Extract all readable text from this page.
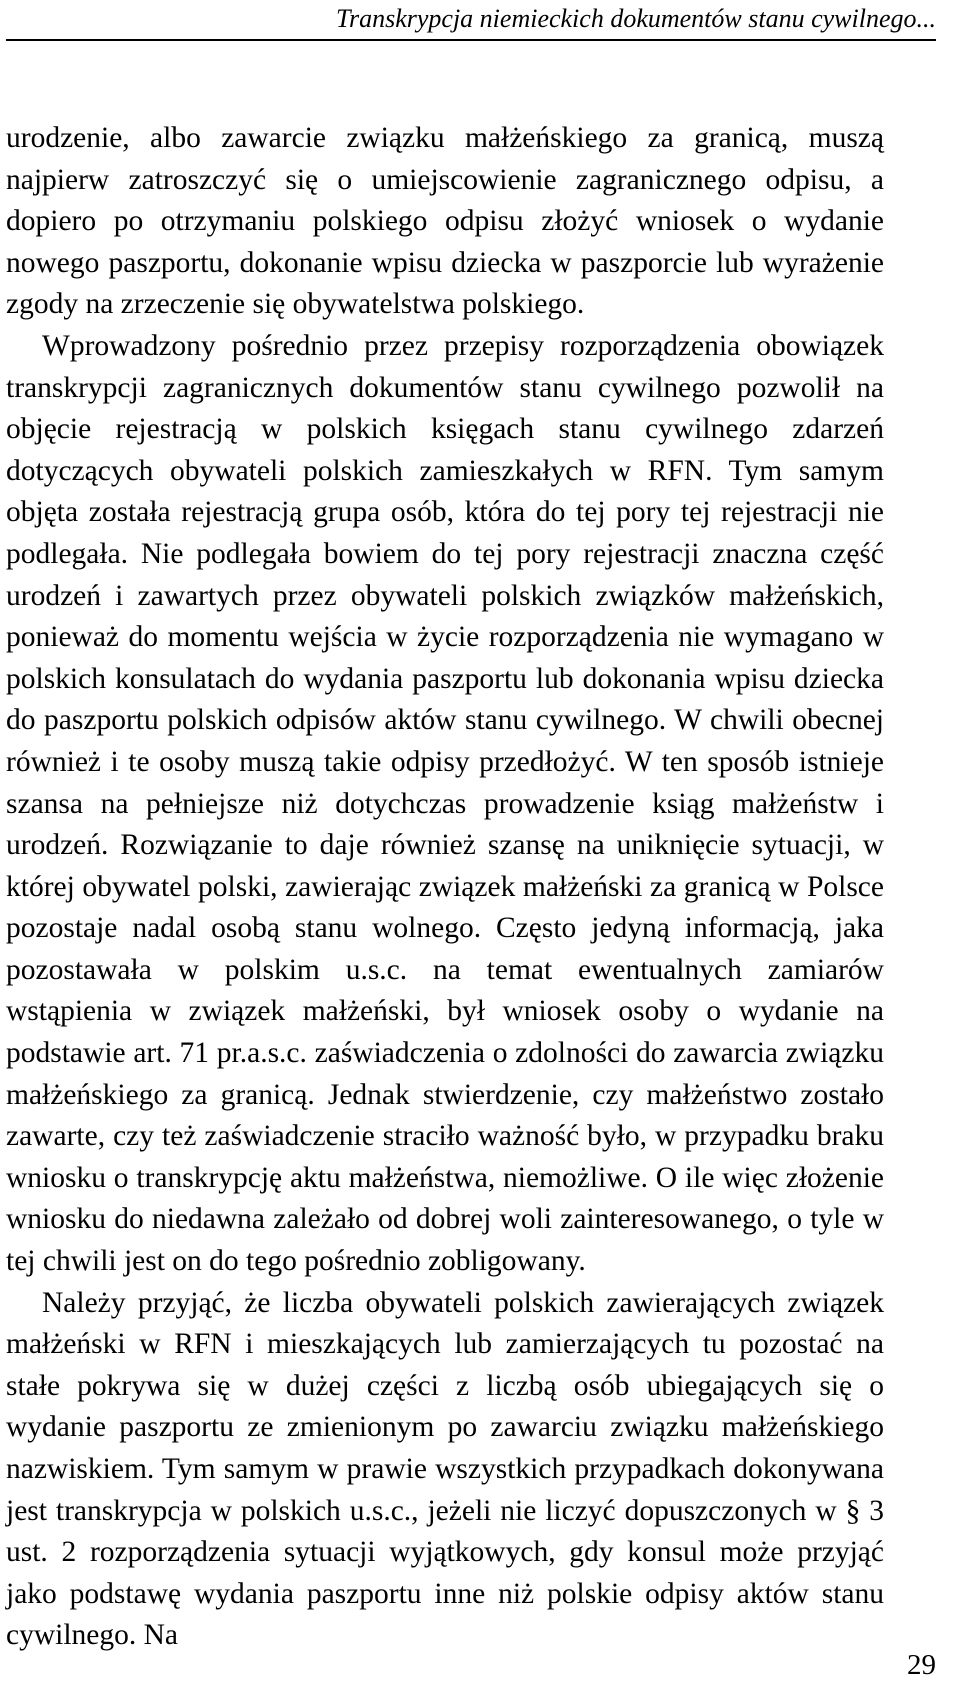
Transkrypcja niemieckich dokumentów stanu cywilnego...

urodzenie, albo zawarcie związku małżeńskiego za granicą, muszą najpierw zatroszczyć się o umiejscowienie zagranicznego odpisu, a dopiero po otrzymaniu polskiego odpisu złożyć wniosek o wydanie nowego paszportu, dokonanie wpisu dziecka w paszporcie lub wyrażenie zgody na zrzeczenie się obywatelstwa polskiego.

Wprowadzony pośrednio przez przepisy rozporządzenia obowiązek transkrypcji zagranicznych dokumentów stanu cywilnego pozwolił na objęcie rejestracją w polskich księgach stanu cywilnego zdarzeń dotyczących obywateli polskich zamieszkałych w RFN. Tym samym objęta została rejestracją grupa osób, która do tej pory tej rejestracji nie podlegała. Nie podlegała bowiem do tej pory rejestracji znaczna część urodzeń i zawartych przez obywateli polskich związków małżeńskich, ponieważ do momentu wejścia w życie rozporządzenia nie wymagano w polskich konsulatach do wydania paszportu lub dokonania wpisu dziecka do paszportu polskich odpisów aktów stanu cywilnego. W chwili obecnej również i te osoby muszą takie odpisy przedłożyć. W ten sposób istnieje szansa na pełniejsze niż dotychczas prowadzenie ksiąg małżeństw i urodzeń. Rozwiązanie to daje również szansę na uniknięcie sytuacji, w której obywatel polski, zawierając związek małżeński za granicą w Polsce pozostaje nadal osobą stanu wolnego. Często jedyną informacją, jaka pozostawała w polskim u.s.c. na temat ewentualnych zamiarów wstąpienia w związek małżeński, był wniosek osoby o wydanie na podstawie art. 71 pr.a.s.c. zaświadczenia o zdolności do zawarcia związku małżeńskiego za granicą. Jednak stwierdzenie, czy małżeństwo zostało zawarte, czy też zaświadczenie straciło ważność było, w przypadku braku wniosku o transkrypcję aktu małżeństwa, niemożliwe. O ile więc złożenie wniosku do niedawna zależało od dobrej woli zainteresowanego, o tyle w tej chwili jest on do tego pośrednio zobligowany.

Należy przyjąć, że liczba obywateli polskich zawierających związek małżeński w RFN i mieszkających lub zamierzających tu pozostać na stałe pokrywa się w dużej części z liczbą osób ubiegających się o wydanie paszportu ze zmienionym po zawarciu związku małżeńskiego nazwiskiem. Tym samym w prawie wszystkich przypadkach dokonywana jest transkrypcja w polskich u.s.c., jeżeli nie liczyć dopuszczonych w § 3 ust. 2 rozporządzenia sytuacji wyjątkowych, gdy konsul może przyjąć jako podstawę wydania paszportu inne niż polskie odpisy aktów stanu cywilnego. Na

29
